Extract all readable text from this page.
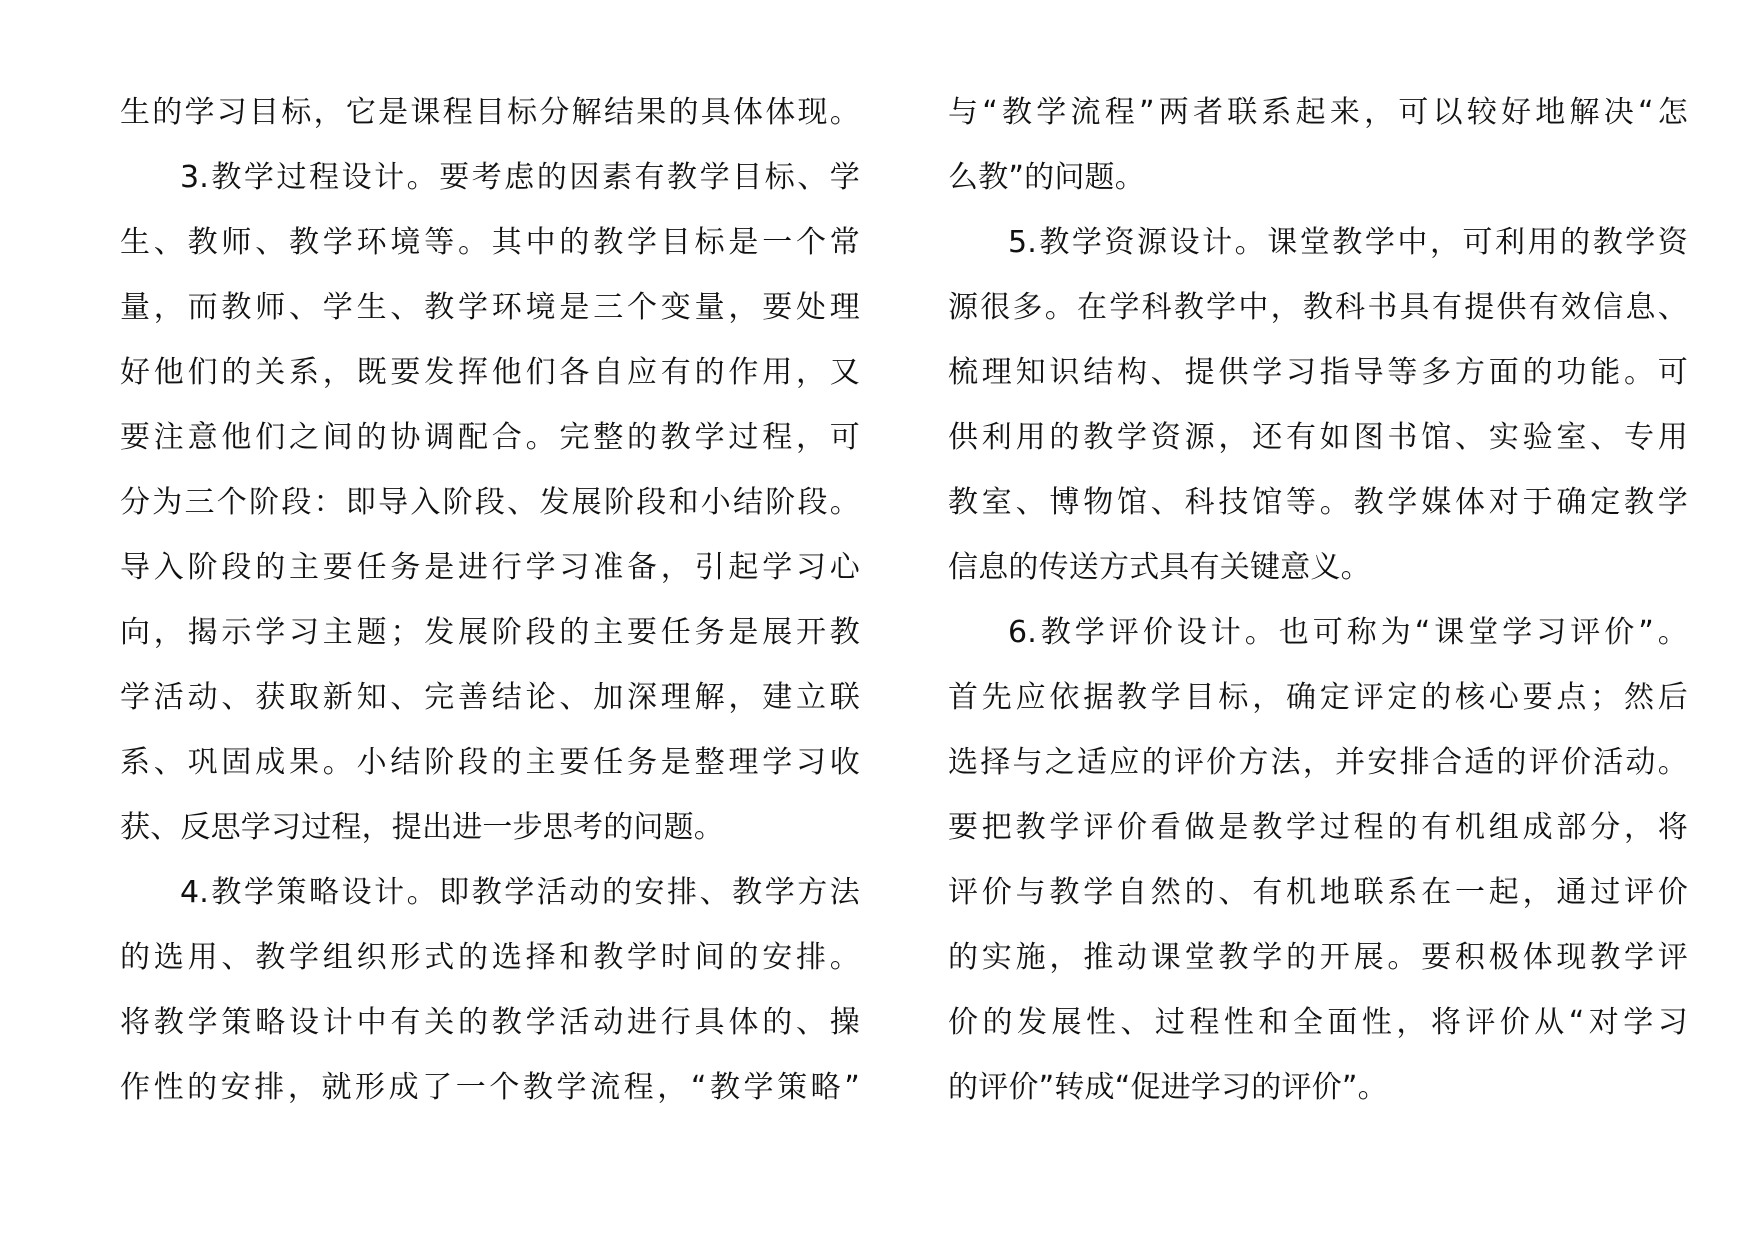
生的学习目标，它是课程目标分解结果的具体体现。
3.教学过程设计。要考虑的因素有教学目标、学
生、教师、教学环境等。其中的教学目标是一个常
量，而教师、学生、教学环境是三个变量，要处理
好他们的关系，既要发挥他们各自应有的作用，又
要注意他们之间的协调配合。完整的教学过程，可
分为三个阶段：即导入阶段、发展阶段和小结阶段。
导入阶段的主要任务是进行学习准备，引起学习心
向，揭示学习主题；发展阶段的主要任务是展开教
学活动、获取新知、完善结论、加深理解，建立联
系、巩固成果。小结阶段的主要任务是整理学习收
获、反思学习过程，提出进一步思考的问题。
4.教学策略设计。即教学活动的安排、教学方法
的选用、教学组织形式的选择和教学时间的安排。
将教学策略设计中有关的教学活动进行具体的、操
作性的安排，就形成了一个教学流程，“教学策略”
与“教学流程”两者联系起来，可以较好地解决“怎
么教”的问题。
5.教学资源设计。课堂教学中，可利用的教学资
源很多。在学科教学中，教科书具有提供有效信息、
梳理知识结构、提供学习指导等多方面的功能。可
供利用的教学资源，还有如图书馆、实验室、专用
教室、博物馆、科技馆等。教学媒体对于确定教学
信息的传送方式具有关键意义。
6.教学评价设计。也可称为“课堂学习评价”。
首先应依据教学目标，确定评定的核心要点；然后
选择与之适应的评价方法，并安排合适的评价活动。
要把教学评价看做是教学过程的有机组成部分，将
评价与教学自然的、有机地联系在一起，通过评价
的实施，推动课堂教学的开展。要积极体现教学评
价的发展性、过程性和全面性，将评价从“对学习
的评价”转成“促进学习的评价”。
